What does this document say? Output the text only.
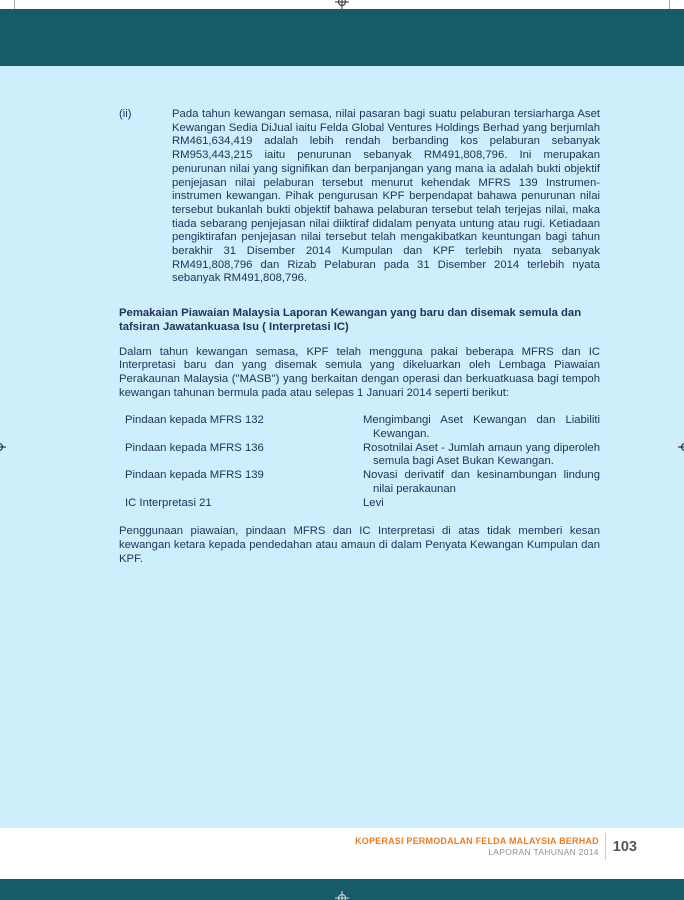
(ii)	Pada tahun kewangan semasa, nilai pasaran bagi suatu pelaburan tersiarharga Aset Kewangan Sedia DiJual iaitu Felda Global Ventures Holdings Berhad yang berjumlah RM461,634,419 adalah lebih rendah berbanding kos pelaburan sebanyak RM953,443,215 iaitu penurunan sebanyak RM491,808,796. Ini merupakan penurunan nilai yang signifikan dan berpanjangan yang mana ia adalah bukti objektif penjejasan nilai pelaburan tersebut menurut kehendak MFRS 139 Instrumen-instrumen kewangan. Pihak pengurusan KPF berpendapat bahawa penurunan nilai tersebut bukanlah bukti objektif bahawa pelaburan tersebut telah terjejas nilai, maka tiada sebarang penjejasan nilai diiktiraf didalam penyata untung atau rugi. Ketiadaan pengiktirafan penjejasan nilai tersebut telah mengakibatkan keuntungan bagi tahun berakhir 31 Disember 2014 Kumpulan dan KPF terlebih nyata sebanyak RM491,808,796 dan Rizab Pelaburan pada 31 Disember 2014 terlebih nyata sebanyak RM491,808,796.
Pemakaian Piawaian Malaysia Laporan Kewangan yang baru dan disemak semula dan tafsiran Jawatankuasa Isu ( Interpretasi IC)
Dalam tahun kewangan semasa, KPF telah mengguna pakai beberapa MFRS dan IC Interpretasi baru dan yang disemak semula yang dikeluarkan oleh Lembaga Piawaian Perakaunan Malaysia ("MASB") yang berkaitan dengan operasi dan berkuatkuasa bagi tempoh kewangan tahunan bermula pada atau selepas 1 Januari 2014 seperti berikut:
Pindaan kepada MFRS 132	Mengimbangi Aset Kewangan dan Liabiliti Kewangan.
Pindaan kepada MFRS 136	Rosotnilai Aset - Jumlah amaun yang diperoleh semula bagi Aset Bukan Kewangan.
Pindaan kepada MFRS 139	Novasi derivatif dan kesinambungan lindung nilai perakaunan
IC Interpretasi 21	Levi
Penggunaan piawaian, pindaan MFRS dan IC Interpretasi di atas tidak memberi kesan kewangan ketara kepada pendedahan atau amaun di dalam Penyata Kewangan Kumpulan dan KPF.
KOPERASI PERMODALAN FELDA MALAYSIA BERHAD
LAPORAN TAHUNAN 2014 103
